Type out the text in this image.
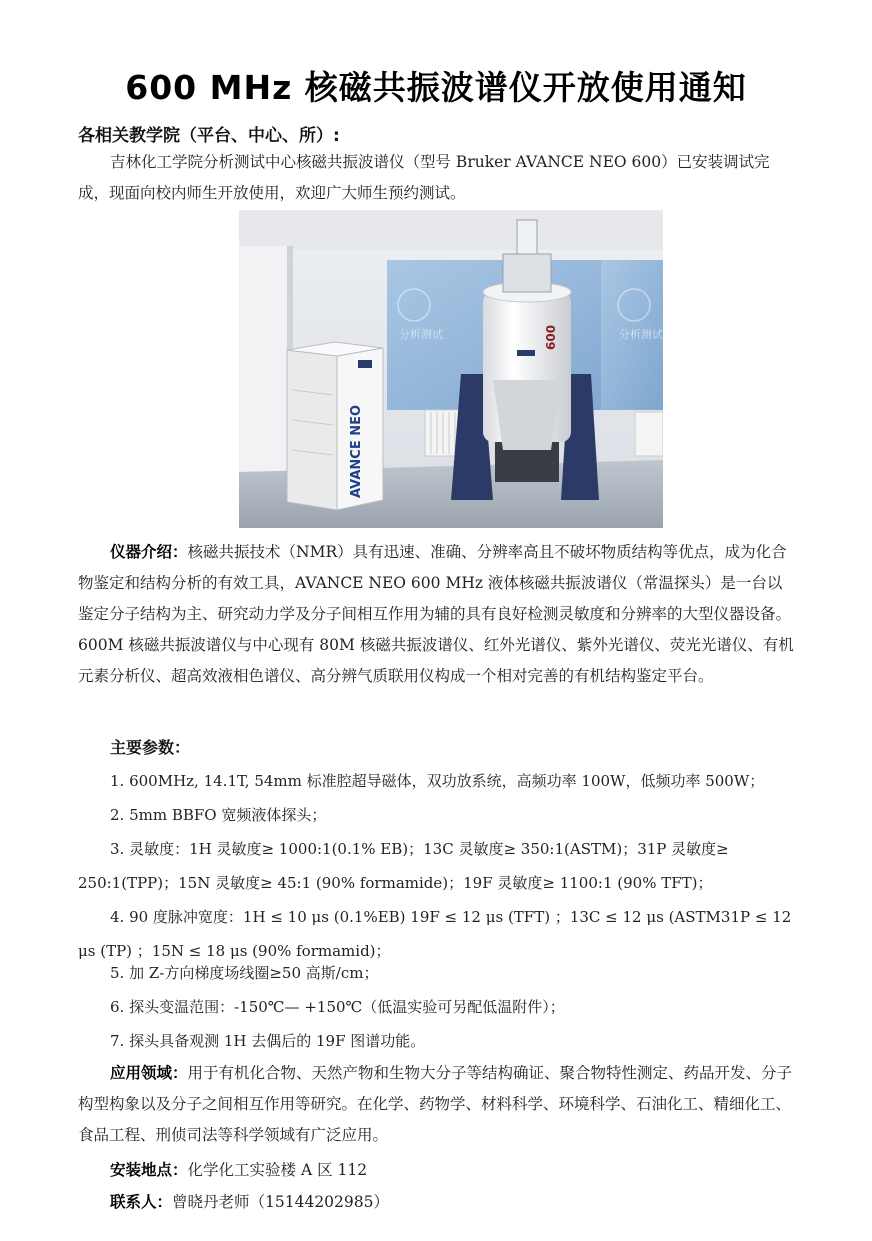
600 MHz 核磁共振波谱仪开放使用通知
各相关教学院（平台、中心、所）:
吉林化工学院分析测试中心核磁共振波谱仪（型号 Bruker AVANCE NEO 600）已安装调试完成，现面向校内师生开放使用，欢迎广大师生预约测试。
分析测试	分析测试
AVANCE NEO
600
仪器介绍：核磁共振技术（NMR）具有迅速、准确、分辨率高且不破坏物质结构等优点，成为化合物鉴定和结构分析的有效工具，AVANCE NEO 600 MHz 液体核磁共振波谱仪（常温探头）是一台以鉴定分子结构为主、研究动力学及分子间相互作用为辅的具有良好检测灵敏度和分辨率的大型仪器设备。600M 核磁共振波谱仪与中心现有 80M 核磁共振波谱仪、红外光谱仪、紫外光谱仪、荧光光谱仪、有机元素分析仪、超高效液相色谱仪、高分辨气质联用仪构成一个相对完善的有机结构鉴定平台。
主要参数：
1. 600MHz, 14.1T, 54mm 标准腔超导磁体，双功放系统，高频功率 100W，低频功率 500W；
2. 5mm BBFO 宽频液体探头；
3. 灵敏度：1H 灵敏度≥ 1000:1(0.1% EB)；13C 灵敏度≥ 350:1(ASTM)；31P 灵敏度≥ 250:1(TPP)；15N 灵敏度≥ 45:1 (90% formamide)；19F 灵敏度≥ 1100:1 (90% TFT)；
4. 90 度脉冲宽度：1H ≤ 10 μs (0.1%EB) 19F ≤ 12 μs (TFT) ；13C ≤ 12 μs (ASTM31P ≤ 12 μs (TP) ；15N ≤ 18 μs (90% formamid)；
5. 加 Z-方向梯度场线圈≥50 高斯/cm；
6. 探头变温范围：-150℃— +150℃（低温实验可另配低温附件）；
7. 探头具备观测 1H 去偶后的 19F 图谱功能。
应用领域：用于有机化合物、天然产物和生物大分子等结构确证、聚合物特性测定、药品开发、分子构型构象以及分子之间相互作用等研究。在化学、药物学、材料科学、环境科学、石油化工、精细化工、食品工程、刑侦司法等科学领域有广泛应用。
安装地点：化学化工实验楼 A 区 112
联系人：曾晓丹老师（15144202985）
